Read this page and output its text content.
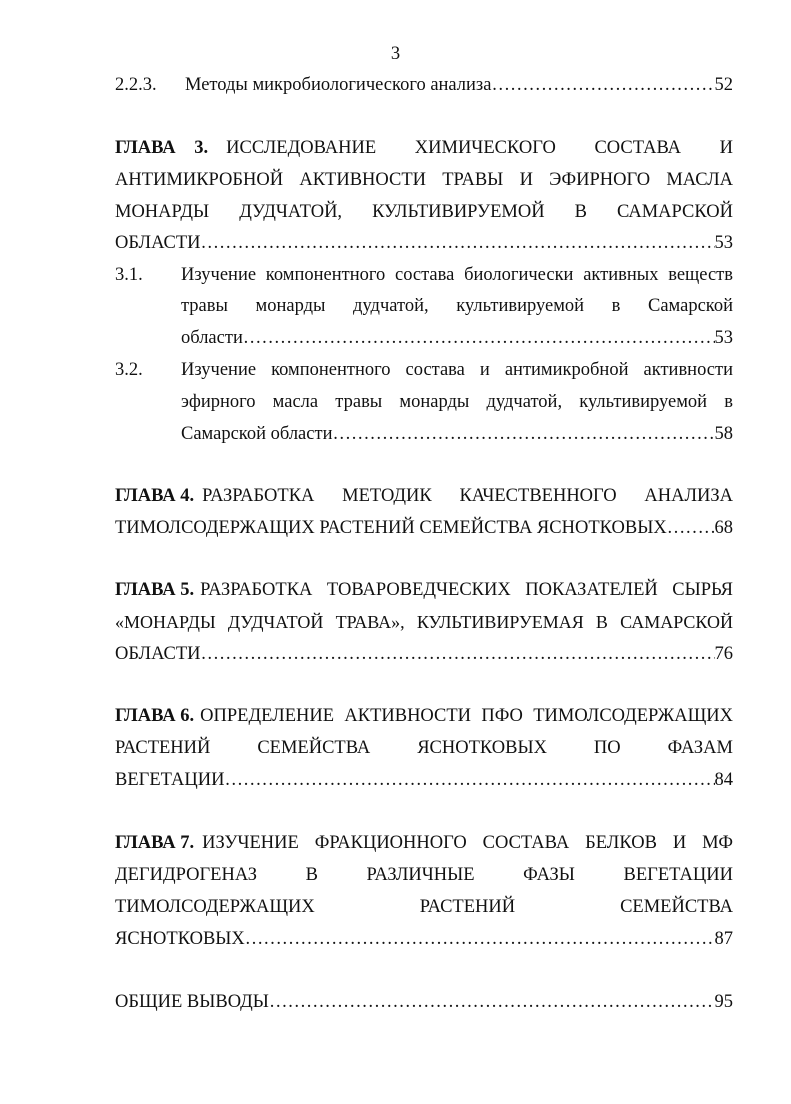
3
2.2.3. Методы микробиологического анализа ……………………………………………………………………………………………………………………………………	52
ГЛАВА 3. ИССЛЕДОВАНИЕ ХИМИЧЕСКОГО СОСТАВА И
АНТИМИКРОБНОЙ АКТИВНОСТИ ТРАВЫ И ЭФИРНОГО МАСЛА
МОНАРДЫ ДУДЧАТОЙ, КУЛЬТИВИРУЕМОЙ В САМАРСКОЙ
ОБЛАСТИ ……………………………………………………………………………………………………………………………………	53
3.1. Изучение компонентного состава биологически активных веществ
травы монарды дудчатой, культивируемой в Самарской
области ……………………………………………………………………………………………………………………………………	53
3.2. Изучение компонентного состава и антимикробной активности
эфирного масла травы монарды дудчатой, культивируемой в
Самарской области ……………………………………………………………………………………………………………………………………	58
ГЛАВА 4. РАЗРАБОТКА МЕТОДИК КАЧЕСТВЕННОГО АНАЛИЗА
ТИМОЛСОДЕРЖАЩИХ РАСТЕНИЙ СЕМЕЙСТВА ЯСНОТКОВЫХ ……………………………………………………………………………………………………………………………………	68
ГЛАВА 5. РАЗРАБОТКА ТОВАРОВЕДЧЕСКИХ ПОКАЗАТЕЛЕЙ СЫРЬЯ
«МОНАРДЫ ДУДЧАТОЙ ТРАВА», КУЛЬТИВИРУЕМАЯ В САМАРСКОЙ
ОБЛАСТИ ……………………………………………………………………………………………………………………………………	76
ГЛАВА 6. ОПРЕДЕЛЕНИЕ АКТИВНОСТИ ПФО ТИМОЛСОДЕРЖАЩИХ
РАСТЕНИЙ СЕМЕЙСТВА ЯСНОТКОВЫХ ПО ФАЗАМ
ВЕГЕТАЦИИ ……………………………………………………………………………………………………………………………………	84
ГЛАВА 7. ИЗУЧЕНИЕ ФРАКЦИОННОГО СОСТАВА БЕЛКОВ И МФ
ДЕГИДРОГЕНАЗ В РАЗЛИЧНЫЕ ФАЗЫ ВЕГЕТАЦИИ
ТИМОЛСОДЕРЖАЩИХ РАСТЕНИЙ СЕМЕЙСТВА
ЯСНОТКОВЫХ ……………………………………………………………………………………………………………………………………	87
ОБЩИЕ ВЫВОДЫ ……………………………………………………………………………………………………………………………………	95
